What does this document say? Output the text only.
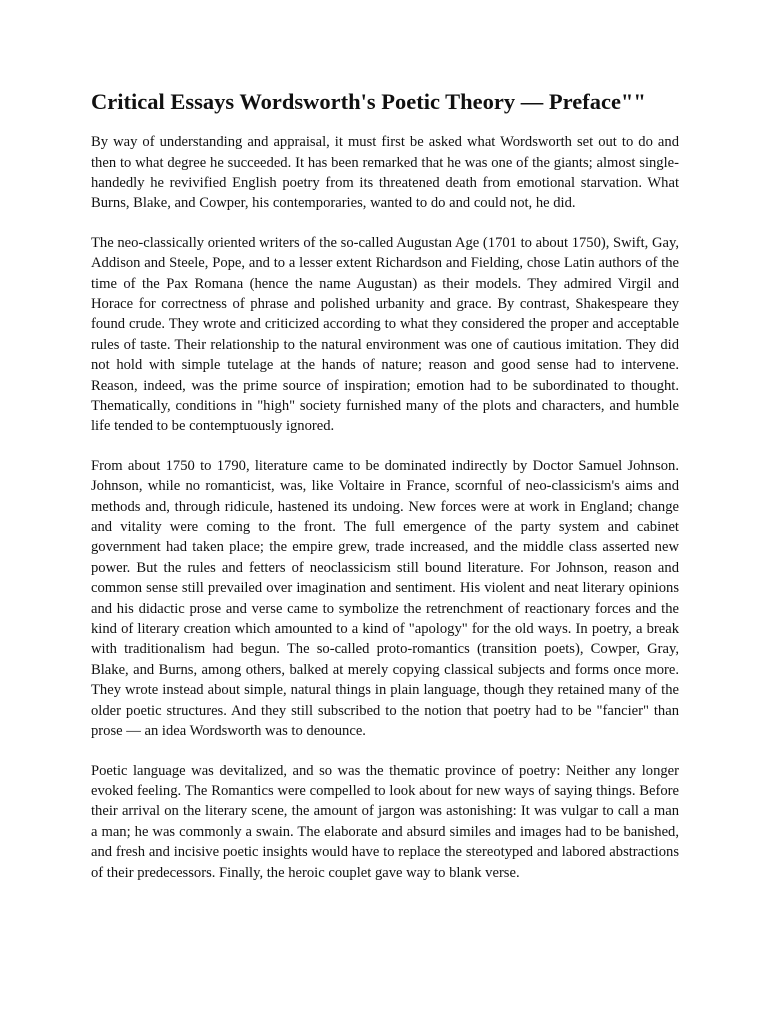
Critical Essays Wordsworth's Poetic Theory — Preface""

By way of understanding and appraisal, it must first be asked what Wordsworth set out to do and then to what degree he succeeded. It has been remarked that he was one of the giants; almost single-handedly he revivified English poetry from its threatened death from emotional starvation. What Burns, Blake, and Cowper, his contemporaries, wanted to do and could not, he did.

The neo-classically oriented writers of the so-called Augustan Age (1701 to about 1750), Swift, Gay, Addison and Steele, Pope, and to a lesser extent Richardson and Fielding, chose Latin authors of the time of the Pax Romana (hence the name Augustan) as their models. They admired Virgil and Horace for correctness of phrase and polished urbanity and grace. By contrast, Shakespeare they found crude. They wrote and criticized according to what they considered the proper and acceptable rules of taste. Their relationship to the natural environment was one of cautious imitation. They did not hold with simple tutelage at the hands of nature; reason and good sense had to intervene. Reason, indeed, was the prime source of inspiration; emotion had to be subordinated to thought. Thematically, conditions in "high" society furnished many of the plots and characters, and humble life tended to be contemptuously ignored.

From about 1750 to 1790, literature came to be dominated indirectly by Doctor Samuel Johnson. Johnson, while no romanticist, was, like Voltaire in France, scornful of neo-classicism's aims and methods and, through ridicule, hastened its undoing. New forces were at work in England; change and vitality were coming to the front. The full emergence of the party system and cabinet government had taken place; the empire grew, trade increased, and the middle class asserted new power. But the rules and fetters of neoclassicism still bound literature. For Johnson, reason and common sense still prevailed over imagination and sentiment. His violent and neat literary opinions and his didactic prose and verse came to symbolize the retrenchment of reactionary forces and the kind of literary creation which amounted to a kind of "apology" for the old ways. In poetry, a break with traditionalism had begun. The so-called proto-romantics (transition poets), Cowper, Gray, Blake, and Burns, among others, balked at merely copying classical subjects and forms once more. They wrote instead about simple, natural things in plain language, though they retained many of the older poetic structures. And they still subscribed to the notion that poetry had to be "fancier" than prose — an idea Wordsworth was to denounce.

Poetic language was devitalized, and so was the thematic province of poetry: Neither any longer evoked feeling. The Romantics were compelled to look about for new ways of saying things. Before their arrival on the literary scene, the amount of jargon was astonishing: It was vulgar to call a man a man; he was commonly a swain. The elaborate and absurd similes and images had to be banished, and fresh and incisive poetic insights would have to replace the stereotyped and labored abstractions of their predecessors. Finally, the heroic couplet gave way to blank verse.
